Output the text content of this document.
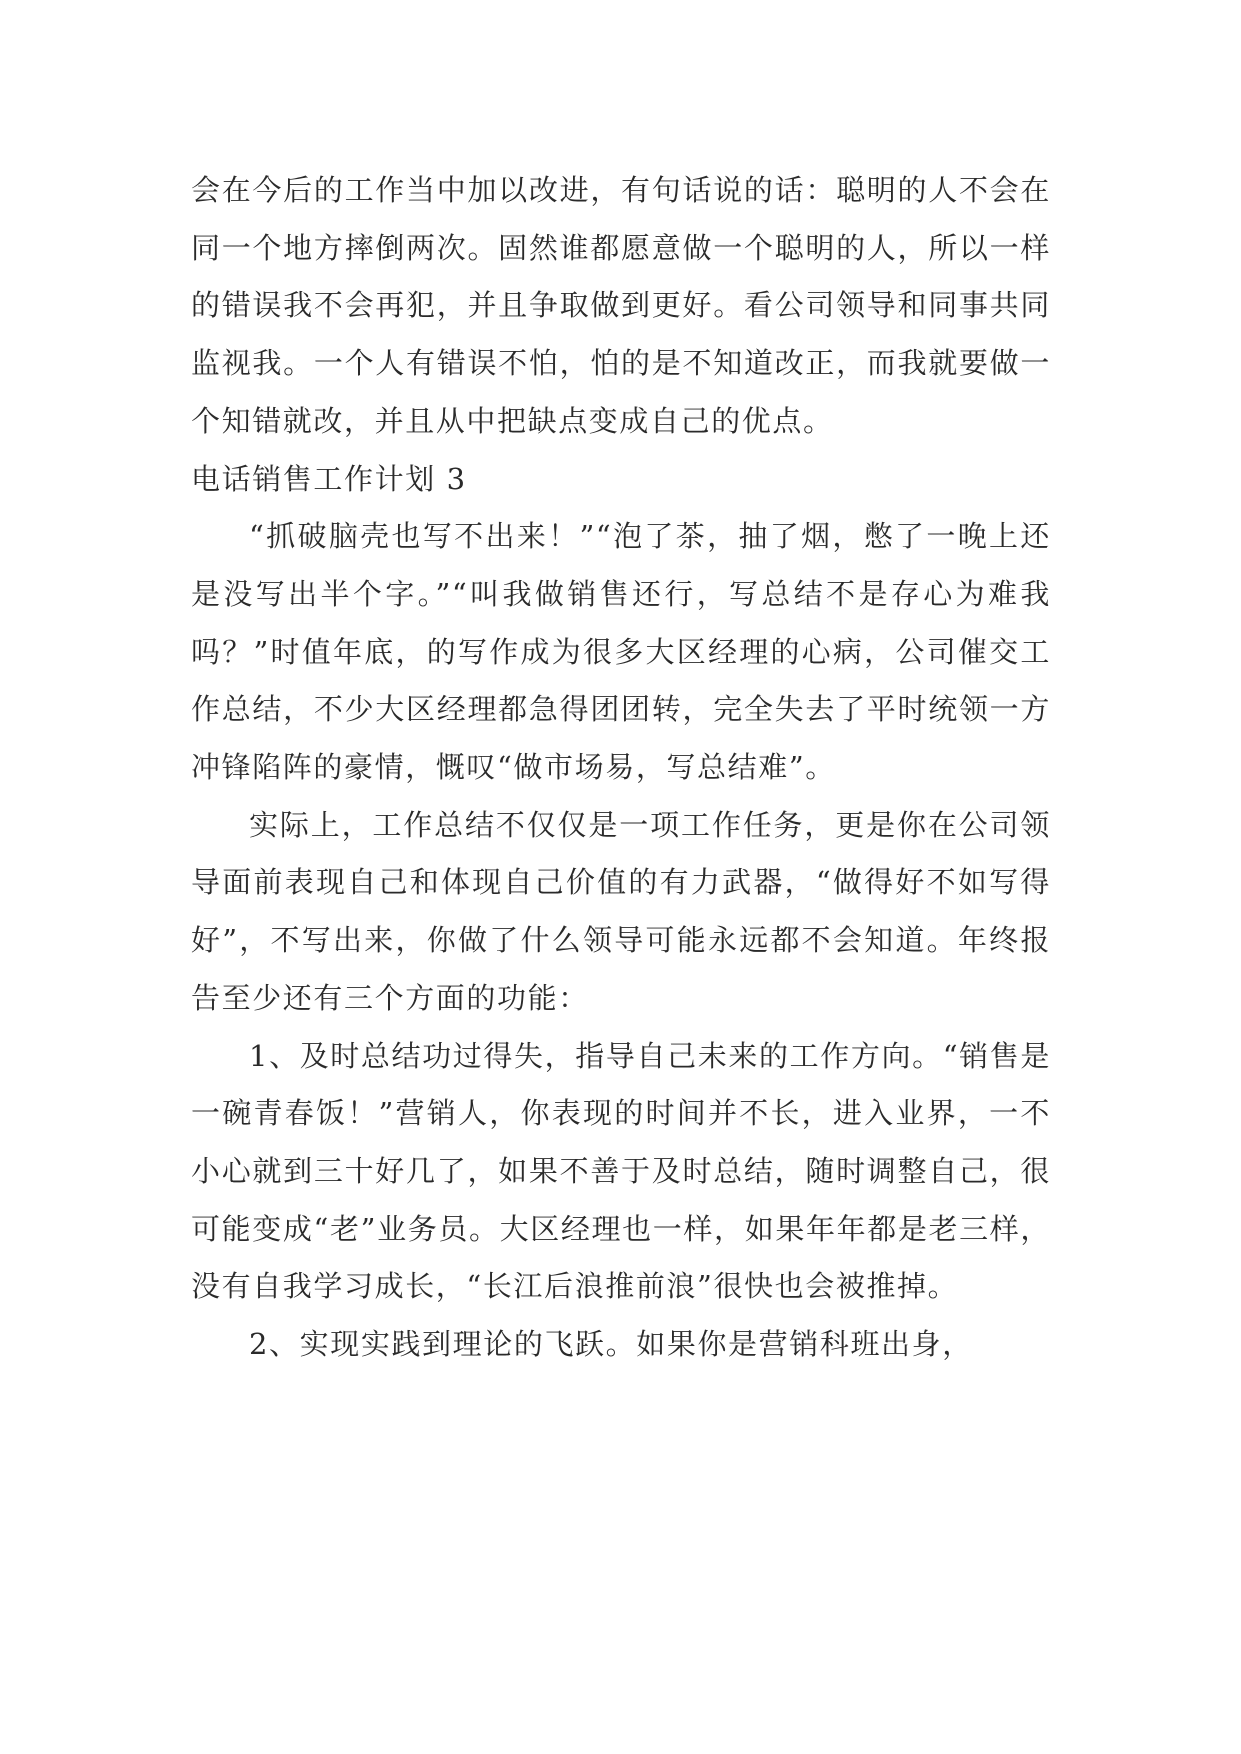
会在今后的工作当中加以改进，有句话说的话：聪明的人不会在同一个地方摔倒两次。固然谁都愿意做一个聪明的人，所以一样的错误我不会再犯，并且争取做到更好。看公司领导和同事共同监视我。一个人有错误不怕，怕的是不知道改正，而我就要做一个知错就改，并且从中把缺点变成自己的优点。

电话销售工作计划 3

“抓破脑壳也写不出来！”“泡了茶，抽了烟，憋了一晚上还是没写出半个字。”“叫我做销售还行，写总结不是存心为难我吗？”时值年底，的写作成为很多大区经理的心病，公司催交工作总结，不少大区经理都急得团团转，完全失去了平时统领一方冲锋陷阵的豪情，慨叹“做市场易，写总结难”。

实际上，工作总结不仅仅是一项工作任务，更是你在公司领导面前表现自己和体现自己价值的有力武器，“做得好不如写得好”，不写出来，你做了什么领导可能永远都不会知道。年终报告至少还有三个方面的功能：

1、及时总结功过得失，指导自己未来的工作方向。“销售是一碗青春饭！”营销人，你表现的时间并不长，进入业界，一不小心就到三十好几了，如果不善于及时总结，随时调整自己，很可能变成“老”业务员。大区经理也一样，如果年年都是老三样，没有自我学习成长，“长江后浪推前浪”很快也会被推掉。

2、实现实践到理论的飞跃。如果你是营销科班出身，
